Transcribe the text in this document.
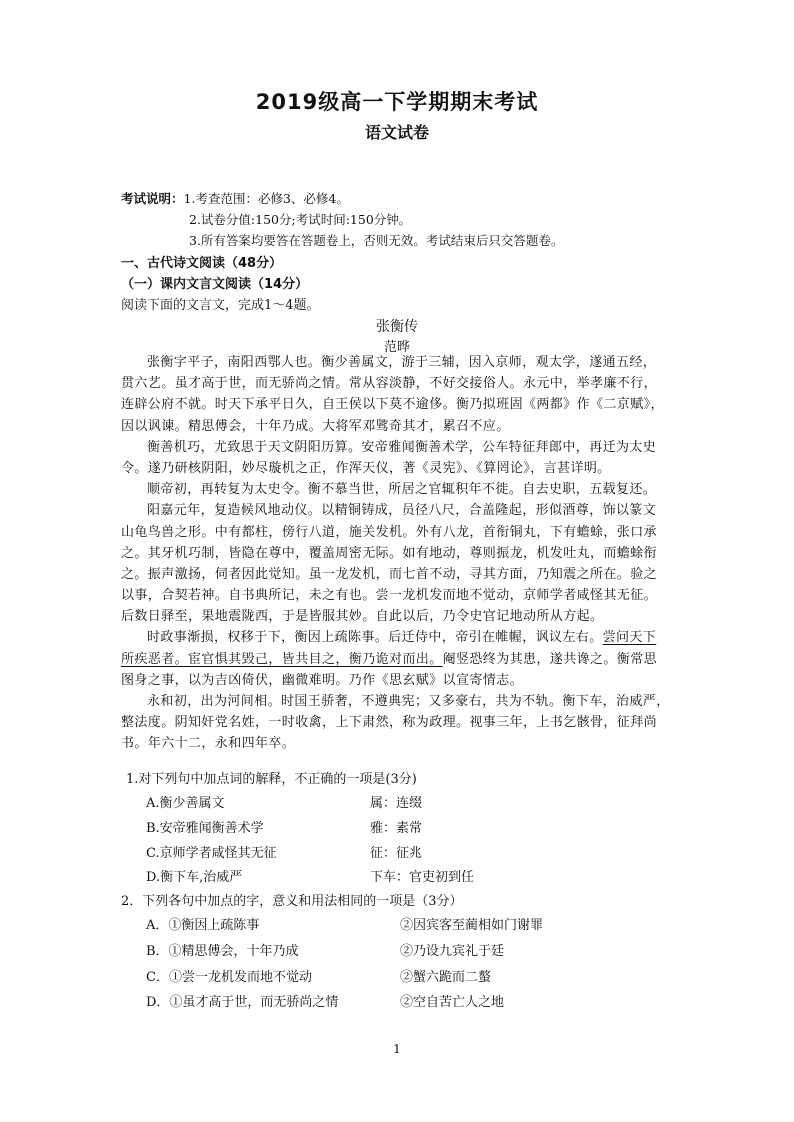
2019级高一下学期期末考试
语文试卷
考试说明：1.考查范围：必修3、必修4。
2.试卷分值:150分;考试时间:150分钟。
3.所有答案均要答在答题卷上，否则无效。考试结束后只交答题卷。
一、古代诗文阅读（48分）
（一）课内文言文阅读（14分）
阅读下面的文言文，完成1～4题。
张衡传
范晔
张衡字平子，南阳西鄂人也。衡少善属文，游于三辅，因入京师，观太学，遂通五经，
贯六艺。虽才高于世，而无骄尚之情。常从容淡静，不好交接俗人。永元中，举孝廉不行，
连辟公府不就。时天下承平日久，自王侯以下莫不逾侈。衡乃拟班固《两都》作《二京赋》，
因以讽谏。精思傅会，十年乃成。大将军邓骘奇其才，累召不应。
衡善机巧，尤致思于天文阴阳历算。安帝雅闻衡善术学，公车特征拜郎中，再迁为太史
令。遂乃研核阴阳，妙尽璇机之正，作浑天仪，著《灵宪》、《算罔论》，言甚详明。
顺帝初，再转复为太史令。衡不慕当世，所居之官辄积年不徙。自去史职，五载复还。
阳嘉元年，复造候风地动仪。以精铜铸成，员径八尺，合盖隆起，形似酒尊，饰以篆文
山龟鸟兽之形。中有都柱，傍行八道，施关发机。外有八龙，首衔铜丸，下有蟾蜍，张口承
之。其牙机巧制，皆隐在尊中，覆盖周密无际。如有地动，尊则振龙，机发吐丸，而蟾蜍衔
之。振声激扬，伺者因此觉知。虽一龙发机，而七首不动，寻其方面，乃知震之所在。验之
以事，合契若神。自书典所记，未之有也。尝一龙机发而地不觉动，京师学者咸怪其无征。
后数日驿至，果地震陇西，于是皆服其妙。自此以后，乃令史官记地动所从方起。
时政事渐损，权移于下，衡因上疏陈事。后迁侍中，帝引在帷幄，讽议左右。尝问天下
所疾恶者。宦官惧其毁己，皆共目之，衡乃诡对而出。阉竖恐终为其患，遂共谗之。衡常思
图身之事，以为吉凶倚伏，幽微难明。乃作《思玄赋》以宣寄情志。
永和初，出为河间相。时国王骄奢，不遵典宪；又多豪右，共为不轨。衡下车，治威严，
整法度。阴知奸党名姓，一时收禽，上下肃然，称为政理。视事三年，上书乞骸骨，征拜尚
书。年六十二，永和四年卒。
1.对下列句中加点词的解释，不正确的一项是(3分)
A.衡少善属文	属：连缀
B.安帝雅闻衡善术学	雅：素常
C.京师学者咸怪其无征	征：征兆
D.衡下车,治威严	下车：官吏初到任
2．下列各句中加点的字，意义和用法相同的一项是（3分）
A．①衡因上疏陈事	②因宾客至蔺相如门谢罪
B．①精思傅会，十年乃成	②乃设九宾礼于廷
C．①尝一龙机发而地不觉动	②蟹六跪而二螯
D．①虽才高于世，而无骄尚之情	②空自苦亡人之地
1
